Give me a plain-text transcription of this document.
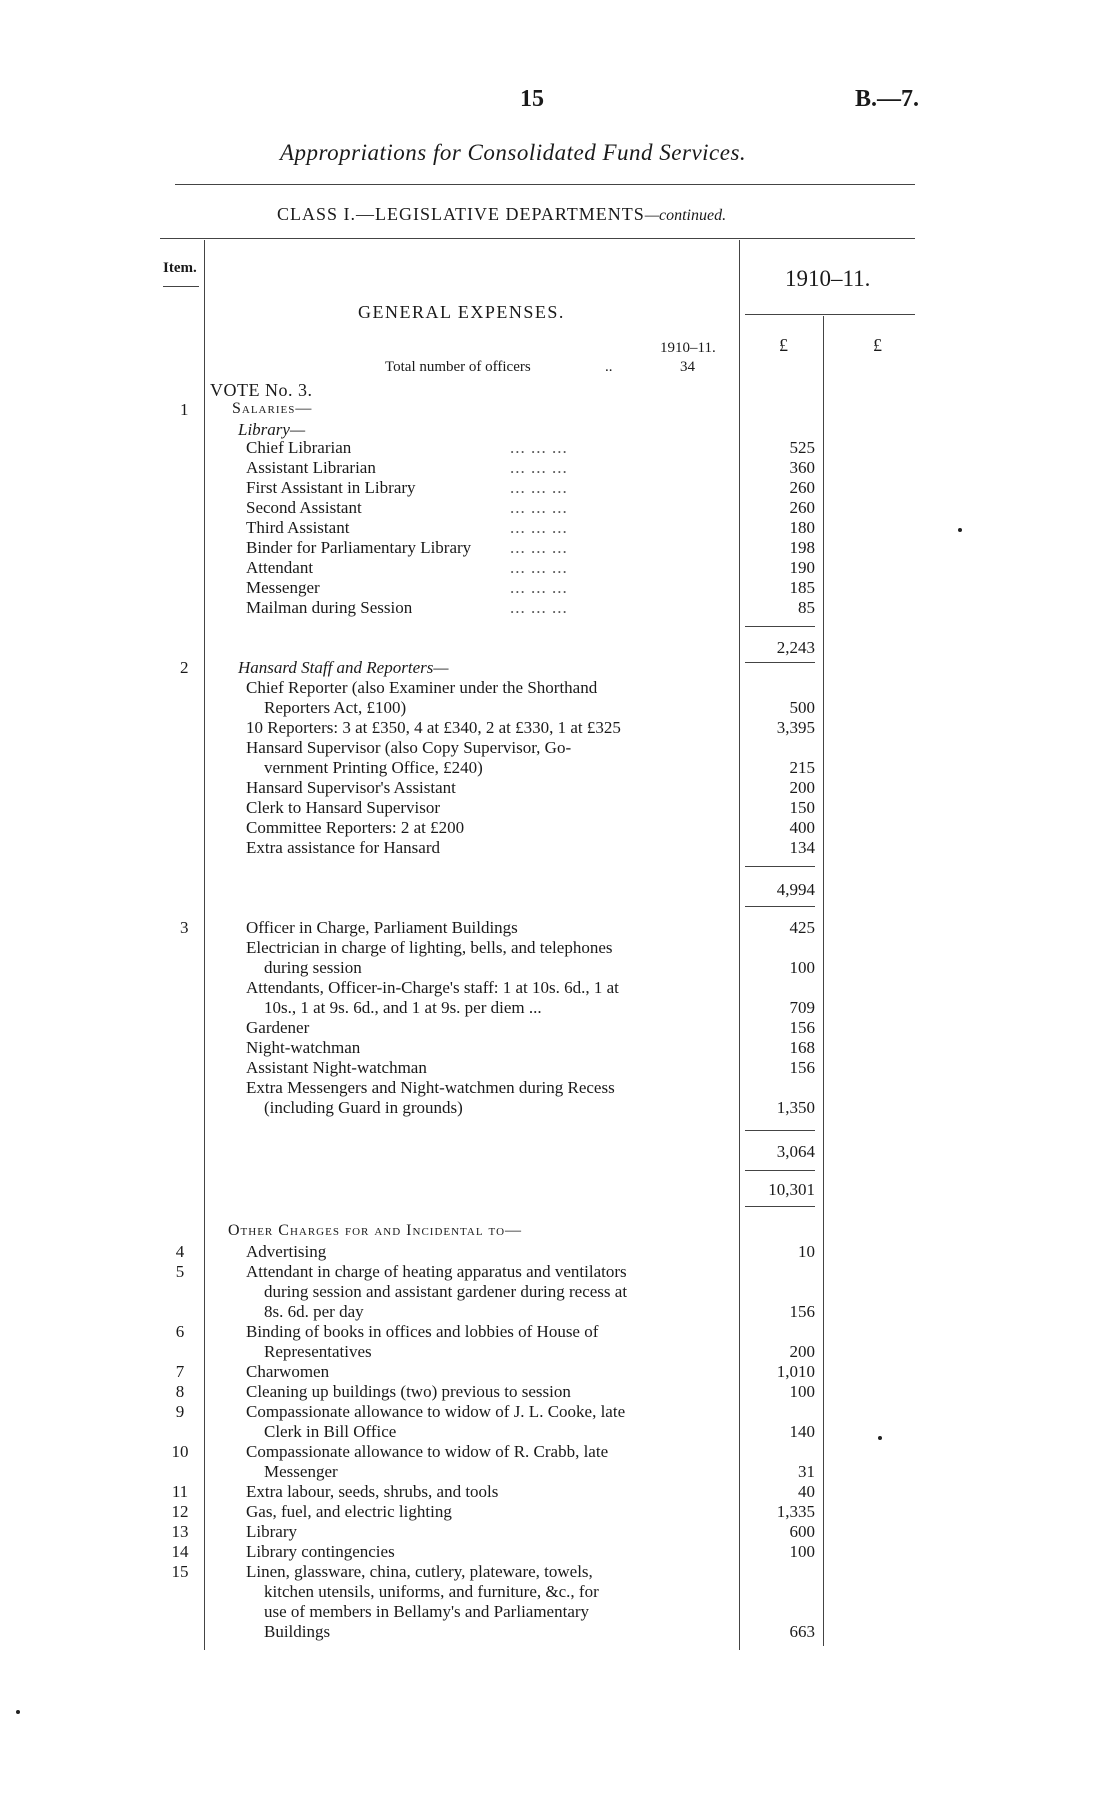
15	B.—7.
Appropriations for Consolidated Fund Services.
CLASS I.—LEGISLATIVE DEPARTMENTS—continued.
Item.	1910–11.
£	£
GENERAL EXPENSES.
1910–11.
Total number of officers	..	34
VOTE No. 3.
Salaries—
1
Library—
Chief Librarian	... ... ...	525
Assistant Librarian	... ... ...	360
First Assistant in Library	... ... ...	260
Second Assistant	... ... ...	260
Third Assistant	... ... ...	180
Binder for Parliamentary Library ... ... ...	198
Attendant	... ... ...	190
Messenger	... ... ...	185
Mailman during Session	... ... ...	85
2,243
2	Hansard Staff and Reporters—
Chief Reporter (also Examiner under the Shorthand
Reporters Act, £100)	500
10 Reporters: 3 at £350, 4 at £340, 2 at £330, 1 at £325	3,395
Hansard Supervisor (also Copy Supervisor, Go-
vernment Printing Office, £240)	215
Hansard Supervisor's Assistant	200
Clerk to Hansard Supervisor	150
Committee Reporters: 2 at £200	400
Extra assistance for Hansard	134
4,994
3	Officer in Charge, Parliament Buildings	425
Electrician in charge of lighting, bells, and telephones
during session	100
Attendants, Officer-in-Charge's staff: 1 at 10s. 6d., 1 at
10s., 1 at 9s. 6d., and 1 at 9s. per diem ...	709
Gardener	156
Night-watchman	168
Assistant Night-watchman	156
Extra Messengers and Night-watchmen during Recess
(including Guard in grounds)	1,350
3,064
10,301
Other Charges for and Incidental to—
4	Advertising	10
5	Attendant in charge of heating apparatus and ventilators
during session and assistant gardener during recess at
8s. 6d. per day	156
6	Binding of books in offices and lobbies of House of
Representatives	200
7	Charwomen	1,010
8	Cleaning up buildings (two) previous to session	100
9	Compassionate allowance to widow of J. L. Cooke, late
Clerk in Bill Office	140
10	Compassionate allowance to widow of R. Crabb, late
Messenger	31
11	Extra labour, seeds, shrubs, and tools	40
12	Gas, fuel, and electric lighting	1,335
13	Library	600
14	Library contingencies	100
15	Linen, glassware, china, cutlery, plateware, towels,
kitchen utensils, uniforms, and furniture, &c., for
use of members in Bellamy's and Parliamentary
Buildings	663
